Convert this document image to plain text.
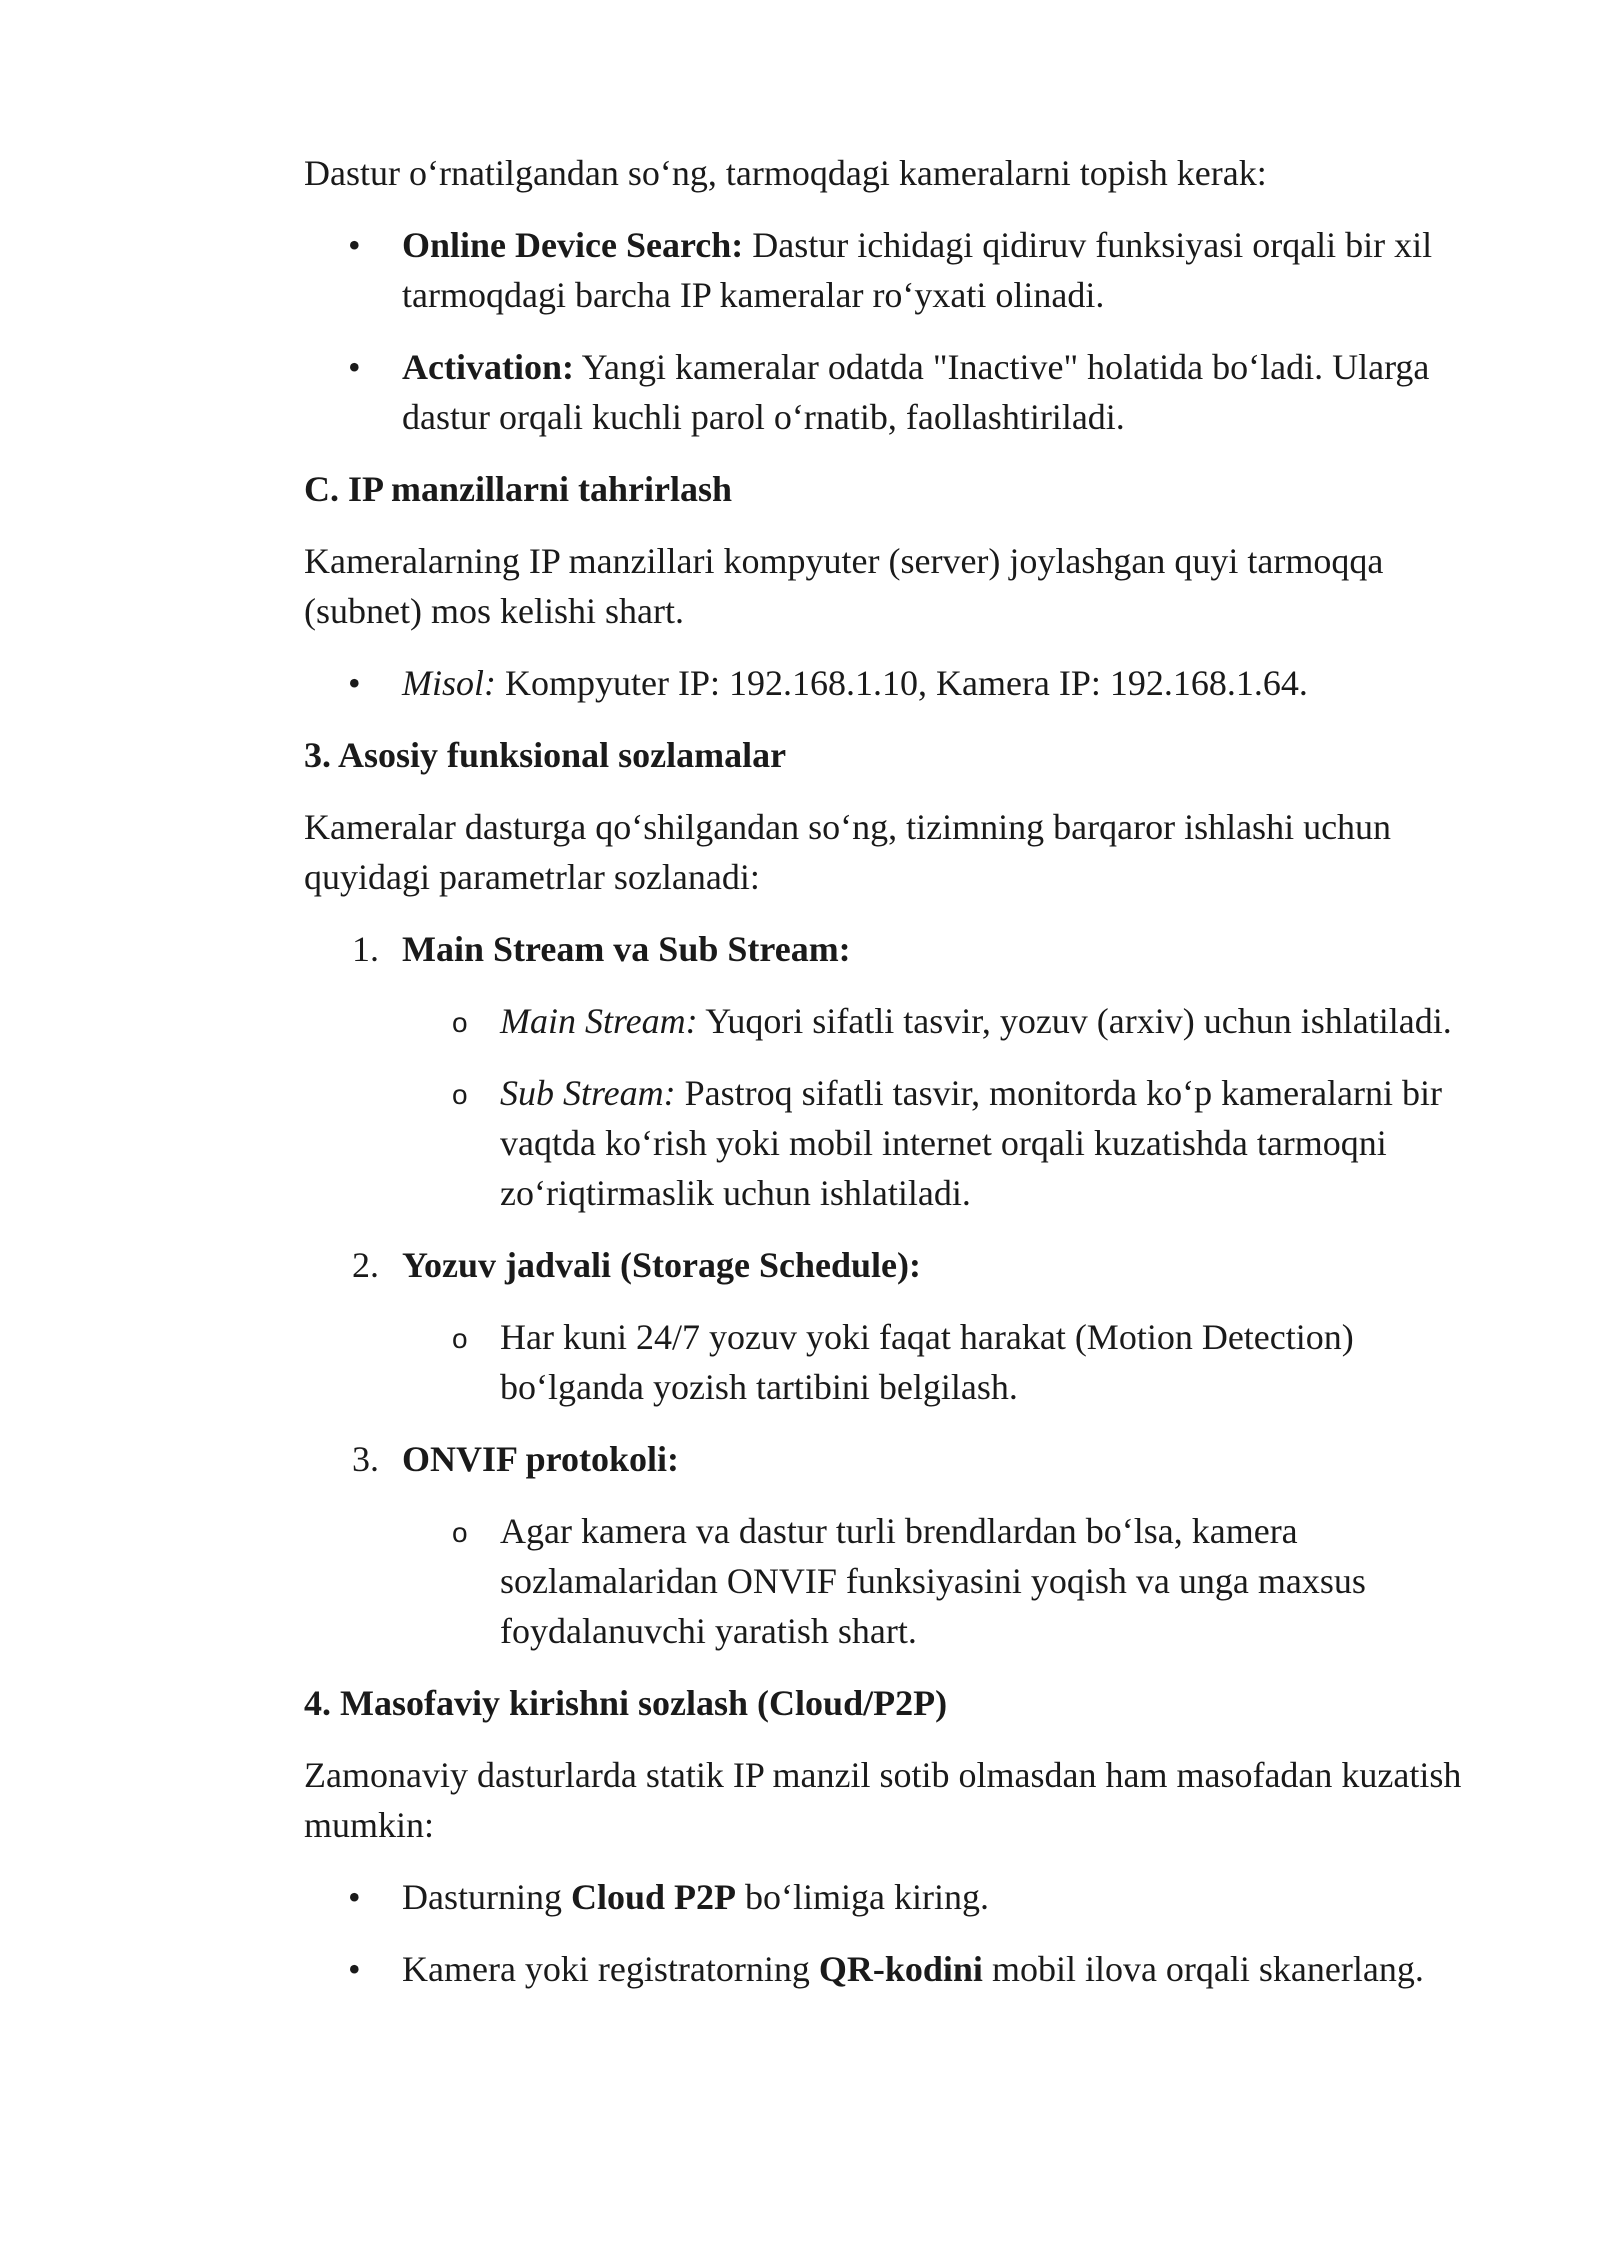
Dastur o‘rnatilgandan so‘ng, tarmoqdagi kameralarni topish kerak:

• Online Device Search: Dastur ichidagi qidiruv funksiyasi orqali bir xil tarmoqdagi barcha IP kameralar ro‘yxati olinadi.
• Activation: Yangi kameralar odatda "Inactive" holatida bo‘ladi. Ularga dastur orqali kuchli parol o‘rnatib, faollashtiriladi.
C. IP manzillarni tahrirlash

Kameralarning IP manzillari kompyuter (server) joylashgan quyi tarmoqqa (subnet) mos kelishi shart.

• Misol: Kompyuter IP: 192.168.1.10, Kamera IP: 192.168.1.64.
3. Asosiy funksional sozlamalar

Kameralar dasturga qo‘shilgandan so‘ng, tizimning barqaror ishlashi uchun quyidagi parametrlar sozlanadi:

1. Main Stream va Sub Stream:
o Main Stream: Yuqori sifatli tasvir, yozuv (arxiv) uchun ishlatiladi.
o Sub Stream: Pastroq sifatli tasvir, monitorda ko‘p kameralarni bir vaqtda ko‘rish yoki mobil internet orqali kuzatishda tarmoqni zo‘riqtirmaslik uchun ishlatiladi.
2. Yozuv jadvali (Storage Schedule):
o Har kuni 24/7 yozuv yoki faqat harakat (Motion Detection) bo‘lganda yozish tartibini belgilash.
3. ONVIF protokoli:
o Agar kamera va dastur turli brendlardan bo‘lsa, kamera sozlamalaridan ONVIF funksiyasini yoqish va unga maxsus foydalanuvchi yaratish shart.
4. Masofaviy kirishni sozlash (Cloud/P2P)

Zamonaviy dasturlarda statik IP manzil sotib olmasdan ham masofadan kuzatish mumkin:

• Dasturning Cloud P2P bo‘limiga kiring.
• Kamera yoki registratorning QR-kodini mobil ilova orqali skanerlang.
